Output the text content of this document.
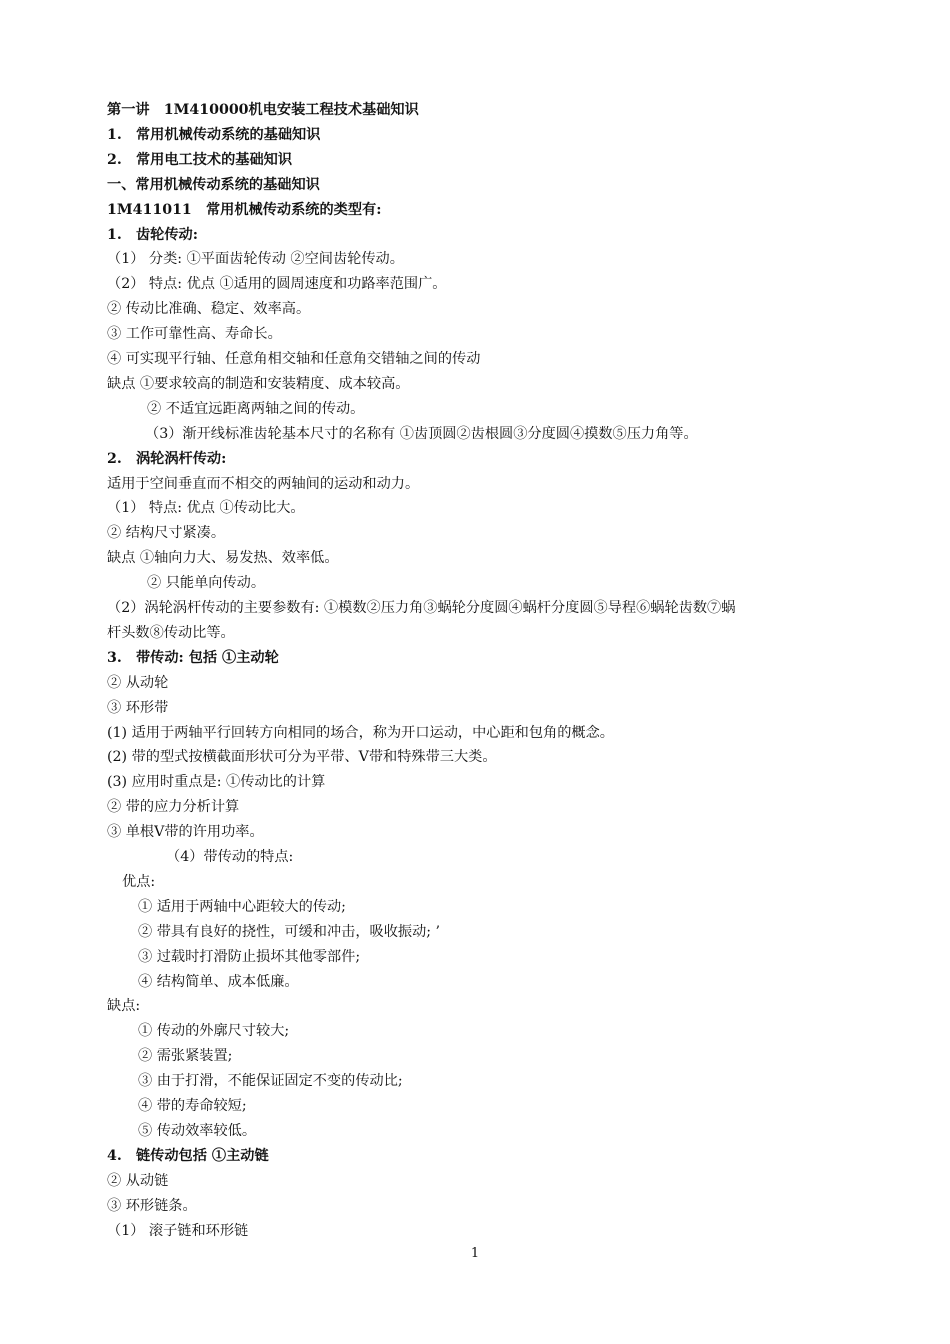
第一讲　1M410000机电安装工程技术基础知识
1.　常用机械传动系统的基础知识
2.　常用电工技术的基础知识
一、常用机械传动系统的基础知识
1M411011　常用机械传动系统的类型有:
1.　齿轮传动:
（1） 分类: ①平面齿轮传动 ②空间齿轮传动。
（2） 特点: 优点 ①适用的圆周速度和功路率范围广。
② 传动比准确、稳定、效率高。
③ 工作可靠性高、寿命长。
④ 可实现平行轴、任意角相交轴和任意角交错轴之间的传动
缺点 ①要求较高的制造和安装精度、成本较高。
② 不适宜远距离两轴之间的传动。
（3）渐开线标准齿轮基本尺寸的名称有 ①齿顶圆②齿根圆③分度圆④摸数⑤压力角等。
2.　涡轮涡杆传动:
适用于空间垂直而不相交的两轴间的运动和动力。
（1） 特点: 优点 ①传动比大。
② 结构尺寸紧凑。
缺点 ①轴向力大、易发热、效率低。
② 只能单向传动。
（2）涡轮涡杆传动的主要参数有: ①模数②压力角③蜗轮分度圆④蜗杆分度圆⑤导程⑥蜗轮齿数⑦蜗
杆头数⑧传动比等。
3.　带传动: 包括 ①主动轮
② 从动轮
③ 环形带
(1) 适用于两轴平行回转方向相同的场合，称为开口运动，中心距和包角的概念。
(2) 带的型式按横截面形状可分为平带、V带和特殊带三大类。
(3) 应用时重点是: ①传动比的计算
② 带的应力分析计算
③ 单根V带的许用功率。
（4）带传动的特点:
优点:
① 适用于两轴中心距较大的传动;
② 带具有良好的挠性，可缓和冲击，吸收振动; ’
③ 过载时打滑防止损坏其他零部件;
④ 结构简单、成本低廉。
缺点:
① 传动的外廓尺寸较大;
② 需张紧装置;
③ 由于打滑，不能保证固定不变的传动比;
④ 带的寿命较短;
⑤ 传动效率较低。
4.　链传动包括 ①主动链
② 从动链
③ 环形链条。
（1） 滚子链和环形链
1
